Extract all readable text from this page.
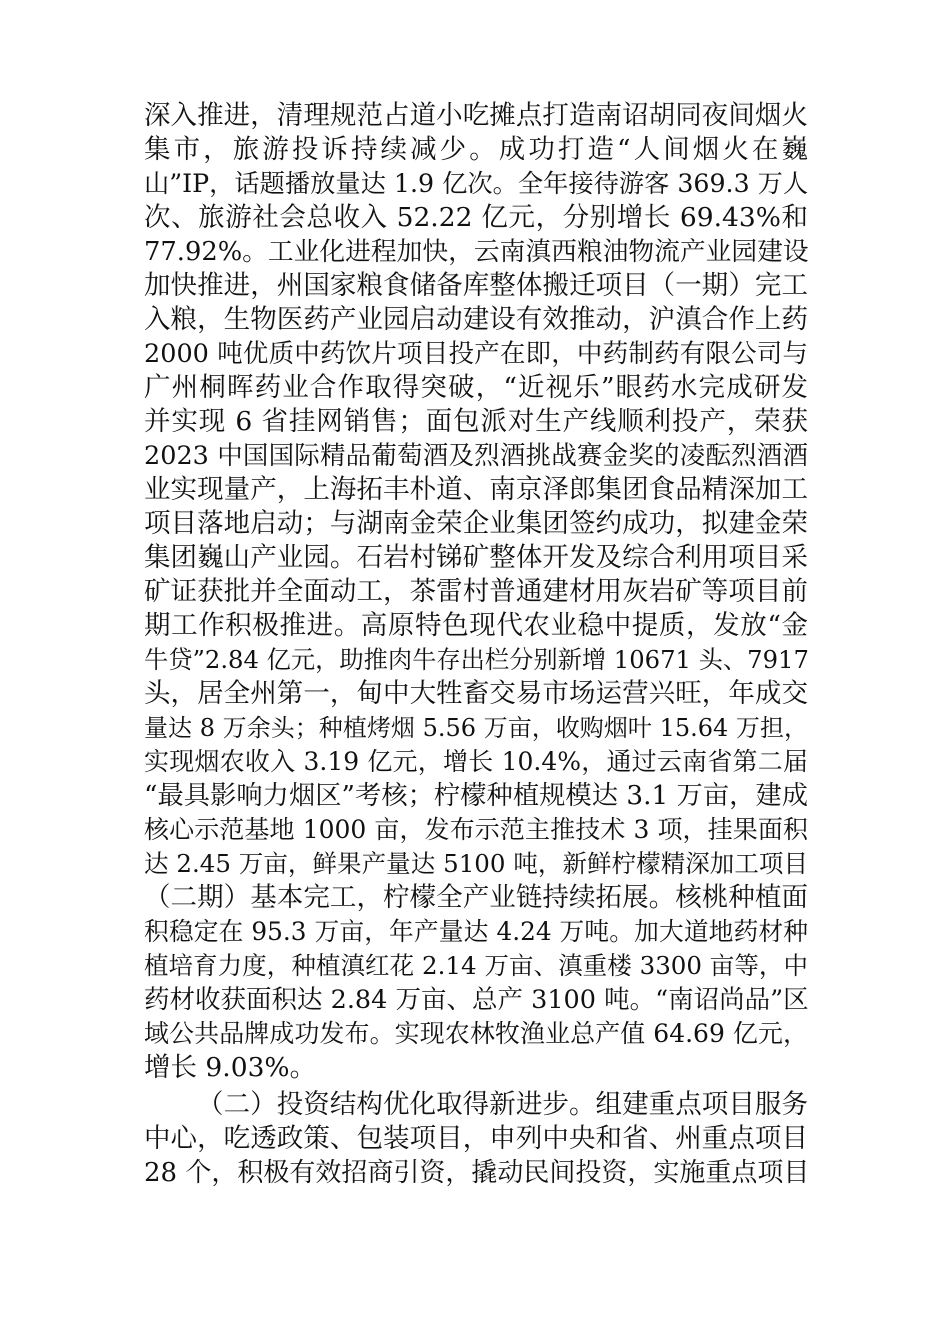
深入推进，清理规范占道小吃摊点打造南诏胡同夜间烟火
集市，旅游投诉持续减少。成功打造“人间烟火在巍
山”IP，话题播放量达 1.9 亿次。全年接待游客 369.3 万人
次、旅游社会总收入 52.22 亿元，分别增长 69.43%和
77.92%。工业化进程加快，云南滇西粮油物流产业园建设
加快推进，州国家粮食储备库整体搬迁项目（一期）完工
入粮，生物医药产业园启动建设有效推动，沪滇合作上药
2000 吨优质中药饮片项目投产在即，中药制药有限公司与
广州桐晖药业合作取得突破，“近视乐”眼药水完成研发
并实现 6 省挂网销售；面包派对生产线顺利投产，荣获
2023 中国国际精品葡萄酒及烈酒挑战赛金奖的凌酝烈酒酒
业实现量产，上海拓丰朴道、南京泽郎集团食品精深加工
项目落地启动；与湖南金荣企业集团签约成功，拟建金荣
集团巍山产业园。石岩村锑矿整体开发及综合利用项目采
矿证获批并全面动工，茶雷村普通建材用灰岩矿等项目前
期工作积极推进。高原特色现代农业稳中提质，发放“金
牛贷”2.84 亿元，助推肉牛存出栏分别新增 10671 头、7917
头，居全州第一，甸中大牲畜交易市场运营兴旺，年成交
量达 8 万余头；种植烤烟 5.56 万亩，收购烟叶 15.64 万担，
实现烟农收入 3.19 亿元，增长 10.4%，通过云南省第二届
“最具影响力烟区”考核；柠檬种植规模达 3.1 万亩，建成
核心示范基地 1000 亩，发布示范主推技术 3 项，挂果面积
达 2.45 万亩，鲜果产量达 5100 吨，新鲜柠檬精深加工项目
（二期）基本完工，柠檬全产业链持续拓展。核桃种植面
积稳定在 95.3 万亩，年产量达 4.24 万吨。加大道地药材种
植培育力度，种植滇红花 2.14 万亩、滇重楼 3300 亩等，中
药材收获面积达 2.84 万亩、总产 3100 吨。“南诏尚品”区
域公共品牌成功发布。实现农林牧渔业总产值 64.69 亿元，
增长 9.03%。
（二）投资结构优化取得新进步。组建重点项目服务
中心，吃透政策、包装项目，申列中央和省、州重点项目
28 个，积极有效招商引资，撬动民间投资，实施重点项目
